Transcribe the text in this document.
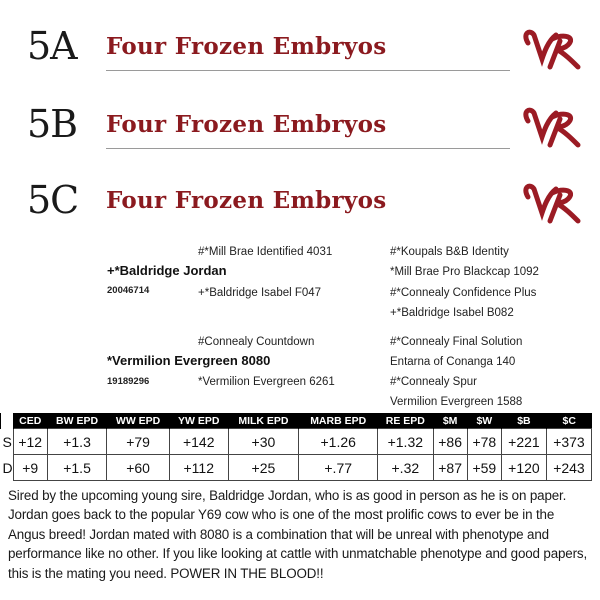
5A Four Frozen Embryos
5B Four Frozen Embryos
5C Four Frozen Embryos
#*Mill Brae Identified 4031
+*Baldridge Jordan
20046714	+*Baldridge Isabel F047
#*Koupals B&B Identity
*Mill Brae Pro Blackcap 1092
#*Connealy Confidence Plus
+*Baldridge Isabel B082
#Connealy Countdown
*Vermilion Evergreen 8080
19189296	*Vermilion Evergreen 6261
#*Connealy Final Solution
Entarna of Conanga 140
#*Connealy Spur
Vermilion Evergreen 1588
	CED	BW EPD	WW EPD	YW EPD	MILK EPD	MARB EPD	RE EPD	$M	$W	$B	$C
S	+12	+1.3	+79	+142	+30	+1.26	+1.32	+86	+78	+221	+373
D	+9	+1.5	+60	+112	+25	+.77	+.32	+87	+59	+120	+243
Sired by the upcoming young sire, Baldridge Jordan, who is as good in person as he is on paper. Jordan goes back to the popular Y69 cow who is one of the most prolific cows to ever be in the Angus breed! Jordan mated with 8080 is a combination that will be unreal with phenotype and performance like no other. If you like looking at cattle with unmatchable phenotype and good papers, this is the mating you need. POWER IN THE BLOOD!!
